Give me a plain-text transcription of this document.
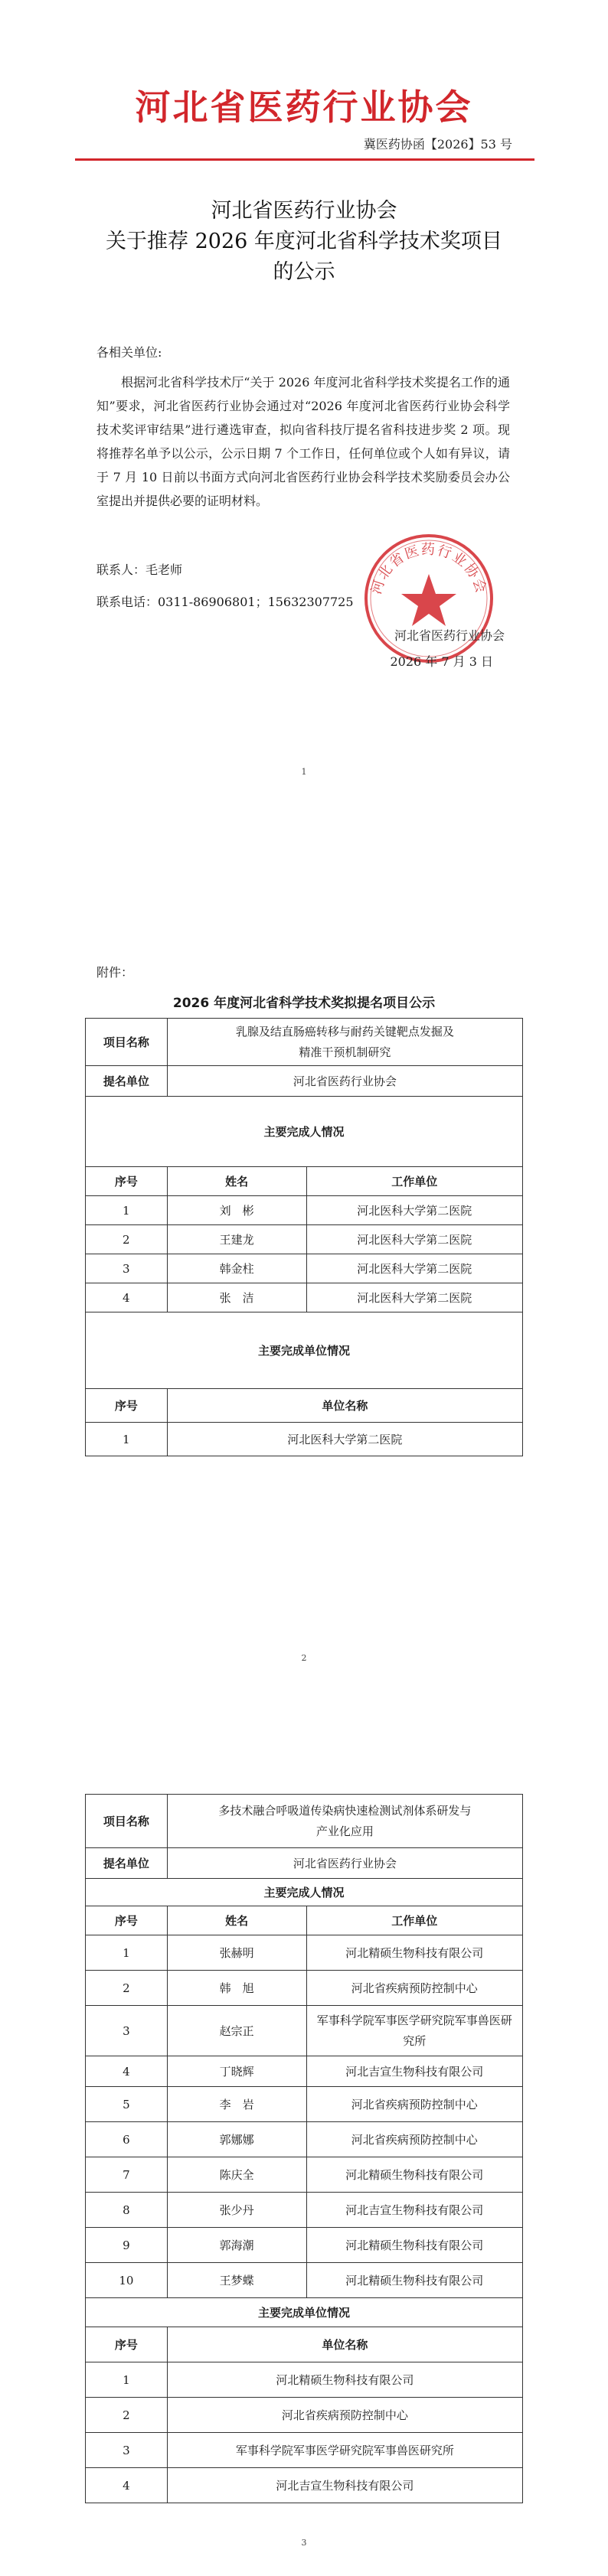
河北省医药行业协会
冀医药协函【2026】53 号
河北省医药行业协会
关于推荐 2026 年度河北省科学技术奖项目
的公示
各相关单位:
根据河北省科学技术厅“关于 2026 年度河北省科学技术奖提名工作的通知”要求，河北省医药行业协会通过对“2026 年度河北省医药行业协会科学技术奖评审结果”进行遴选审查，拟向省科技厅提名省科技进步奖 2 项。现将推荐名单予以公示，公示日期 7 个工作日，任何单位或个人如有异议，请于 7 月 10 日前以书面方式向河北省医药行业协会科学技术奖励委员会办公室提出并提供必要的证明材料。
联系人：毛老师
联系电话：0311-86906801；15632307725
河北省医药行业协会
河北省医药行业协会
2026 年 7 月 3 日
1
附件：
2026 年度河北省科学技术奖拟提名项目公示
项目名称	乳腺及结直肠癌转移与耐药关键靶点发掘及
精准干预机制研究	

提名单位	河北省医药行业协会	
主要完成人情况		
序号	姓名	工作单位
1	刘　彬	河北医科大学第二医院
2	王建龙	河北医科大学第二医院
3	韩金柱	河北医科大学第二医院
4	张　洁	河北医科大学第二医院
主要完成单位情况		
序号	单位名称	
1	河北医科大学第二医院	
2
项目名称	多技术融合呼吸道传染病快速检测试剂体系研发与
产业化应用	

提名单位	河北省医药行业协会	
主要完成人情况		
序号	姓名	工作单位
1	张赫明	河北精硕生物科技有限公司
2	韩　旭	河北省疾病预防控制中心
3	赵宗正	军事科学院军事医学研究院军事兽医研究所
4	丁晓辉	河北吉宣生物科技有限公司
5	李　岩	河北省疾病预防控制中心
6	郭娜娜	河北省疾病预防控制中心
7	陈庆全	河北精硕生物科技有限公司
8	张少丹	河北吉宣生物科技有限公司
9	郭海潮	河北精硕生物科技有限公司
10	王梦蝶	河北精硕生物科技有限公司
主要完成单位情况		
序号	单位名称	
1	河北精硕生物科技有限公司	
2	河北省疾病预防控制中心	
3	军事科学院军事医学研究院军事兽医研究所	
4	河北吉宣生物科技有限公司	
3
